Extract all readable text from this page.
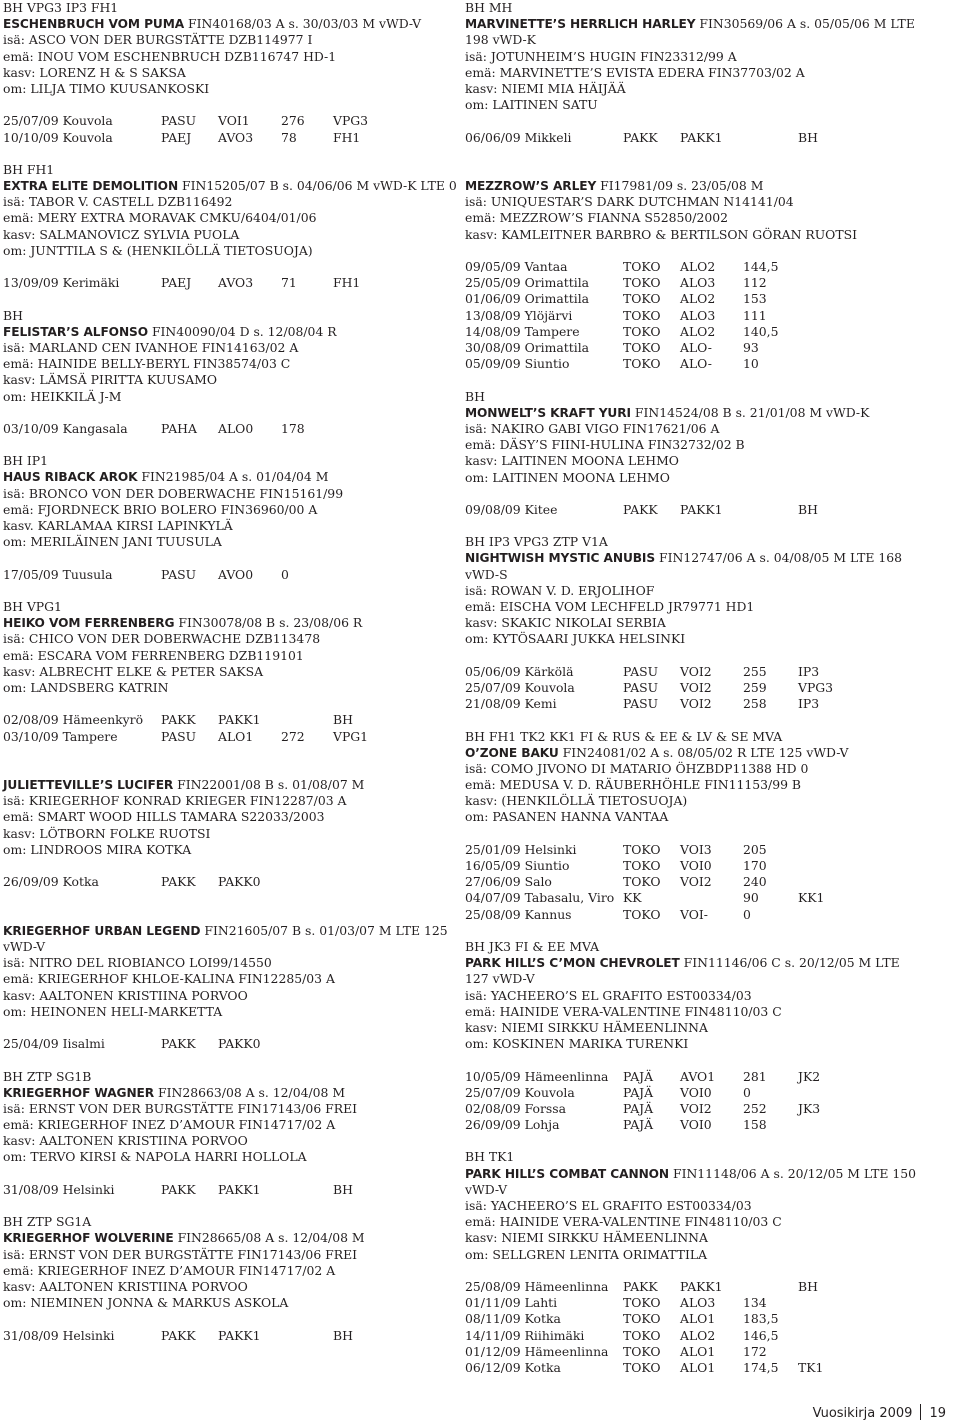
BH VPG3 IP3 FH1
ESCHENBRUCH VOM PUMA FIN40168/03 A s. 30/03/03 M vWD-V
isä: ASCO VON DER BURGSTÄTTE DZB114977 I
emä: INOU VOM ESCHENBRUCH DZB116747 HD-1
kasv: LORENZ H & S SAKSA
om: LILJA TIMO KUUSANKOSKI
25/07/09 Kouvola	PASU VOI1	276 VPG3
10/10/09 Kouvola	PAEJ AVO3 78	FH1
BH FH1
EXTRA ELITE DEMOLITION FIN15205/07 B s. 04/06/06 M vWD-K LTE 0
isä: TABOR V. CASTELL DZB116492
emä: MERY EXTRA MORAVAK CMKU/6404/01/06
kasv: SALMANOVICZ SYLVIA PUOLA
om: JUNTTILA S & (HENKILÖLLÄ TIETOSUOJA)
13/09/09 Kerimäki	PAEJ AVO3 71	FH1
BH
FELISTAR’S ALFONSO FIN40090/04 D s. 12/08/04 R
isä: MARLAND CEN IVANHOE FIN14163/02 A
emä: HAINIDE BELLY-BERYL FIN38574/03 C
kasv: LÄMSÄ PIRITTA KUUSAMO
om: HEIKKILÄ J-M
03/10/09 Kangasala	PAHA ALO0 178
BH IP1
HAUS RIBACK AROK FIN21985/04 A s. 01/04/04 M
isä: BRONCO VON DER DOBERWACHE FIN15161/99
emä: FJORDNECK BRIO BOLERO FIN36960/00 A
kasv. KARLAMAA KIRSI LAPINKYLÄ
om: MERILÄINEN JANI TUUSULA
17/05/09 Tuusula	PASU AVO0 0
BH VPG1
HEIKO VOM FERRENBERG FIN30078/08 B s. 23/08/06 R
isä: CHICO VON DER DOBERWACHE DZB113478
emä: ESCARA VOM FERRENBERG DZB119101
kasv: ALBRECHT ELKE & PETER SAKSA
om: LANDSBERG KATRIN
02/08/09 Hämeenkyrö PAKK PAKK1	BH
03/10/09 Tampere	PASU ALO1 272 VPG1
JULIETTEVILLE’S LUCIFER FIN22001/08 B s. 01/08/07 M
isä: KRIEGERHOF KONRAD KRIEGER FIN12287/03 A
emä: SMART WOOD HILLS TAMARA S22033/2003
kasv: LÖTBORN FOLKE RUOTSI
om: LINDROOS MIRA KOTKA
26/09/09 Kotka	PAKK PAKK0
KRIEGERHOF URBAN LEGEND FIN21605/07 B s. 01/03/07 M LTE 125 vWD-V
isä: NITRO DEL RIOBIANCO LOI99/14550
emä: KRIEGERHOF KHLOE-KALINA FIN12285/03 A
kasv: AALTONEN KRISTIINA PORVOO
om: HEINONEN HELI-MARKETTA
25/04/09 Iisalmi	PAKK PAKK0
BH ZTP SG1B
KRIEGERHOF WAGNER FIN28663/08 A s. 12/04/08 M
isä: ERNST VON DER BURGSTÄTTE FIN17143/06 FREI
emä: KRIEGERHOF INEZ D’AMOUR FIN14717/02 A
kasv: AALTONEN KRISTIINA PORVOO
om: TERVO KIRSI & NAPOLA HARRI HOLLOLA
31/08/09 Helsinki	PAKK PAKK1	BH
BH ZTP SG1A
KRIEGERHOF WOLVERINE FIN28665/08 A s. 12/04/08 M
isä: ERNST VON DER BURGSTÄTTE FIN17143/06 FREI
emä: KRIEGERHOF INEZ D’AMOUR FIN14717/02 A
kasv: AALTONEN KRISTIINA PORVOO
om: NIEMINEN JONNA & MARKUS ASKOLA
31/08/09 Helsinki	PAKK PAKK1	BH
BH MH
MARVINETTE’S HERRLICH HARLEY FIN30569/06 A s. 05/05/06 M LTE 198 vWD-K
isä: JOTUNHEIM’S HUGIN FIN23312/99 A
emä: MARVINETTE’S EVISTA EDERA FIN37703/02 A
kasv: NIEMI MIA HÄIJÄÄ
om: LAITINEN SATU
06/06/09 Mikkeli	PAKK PAKK1	BH
MEZZROW’S ARLEY FI17981/09 s. 23/05/08 M
isä: UNIQUESTAR’S DARK DUTCHMAN N14141/04
emä: MEZZROW’S FIANNA S52850/2002
kasv: KAMLEITNER BARBRO & BERTILSON GÖRAN RUOTSI
09/05/09 Vantaa	TOKO ALO2 144,5
25/05/09 Orimattila	TOKO ALO3 112
01/06/09 Orimattila	TOKO ALO2 153
13/08/09 Ylöjärvi	TOKO ALO3 111
14/08/09 Tampere	TOKO ALO2 140,5
30/08/09 Orimattila	TOKO ALO-	93
05/09/09 Siuntio	TOKO ALO-	10
BH
MONWELT’S KRAFT YURI FIN14524/08 B s. 21/01/08 M vWD-K
isä: NAKIRO GABI VIGO FIN17621/06 A
emä: DÄSY’S FIINI-HULINA FIN32732/02 B
kasv: LAITINEN MOONA LEHMO
om: LAITINEN MOONA LEHMO
09/08/09 Kitee	PAKK PAKK1	BH
BH IP3 VPG3 ZTP V1A
NIGHTWISH MYSTIC ANUBIS FIN12747/06 A s. 04/08/05 M LTE 168 vWD-S
isä: ROWAN V. D. ERJOLIHOF
emä: EISCHA VOM LECHFELD JR79771 HD1
kasv: SKAKIC NIKOLAI SERBIA
om: KYTÖSAARI JUKKA HELSINKI
05/06/09 Kärkölä	PASU VOI2	255	IP3
25/07/09 Kouvola	PASU VOI2	259	VPG3
21/08/09 Kemi	PASU VOI2	258	IP3
BH FH1 TK2 KK1 FI & RUS & EE & LV & SE MVA
O’ZONE BAKU FIN24081/02 A s. 08/05/02 R LTE 125 vWD-V
isä: COMO JIVONO DI MATARIO ÖHZBDP11388 HD 0
emä: MEDUSA V. D. RÄUBERHÖHLE FIN11153/99 B
kasv: (HENKILÖLLÄ TIETOSUOJA)
om: PASANEN HANNA VANTAA
25/01/09 Helsinki	TOKO VOI3	205
16/05/09 Siuntio	TOKO VOI0	170
27/06/09 Salo	TOKO VOI2	240
04/07/09 Tabasalu, Viro KK	90	KK1
25/08/09 Kannus	TOKO VOI-	0
BH JK3 FI & EE MVA
PARK HILL’S C’MON CHEVROLET FIN11146/06 C s. 20/12/05 M LTE 127 vWD-V
isä: YACHEERO’S EL GRAFITO EST00334/03
emä: HAINIDE VERA-VALENTINE FIN48110/03 C
kasv: NIEMI SIRKKU HÄMEENLINNA
om: KOSKINEN MARIKA TURENKI
10/05/09 Hämeenlinna PAJÄ AVO1 281	JK2
25/07/09 Kouvola	PAJÄ VOI0	0
02/08/09 Forssa	PAJÄ VOI2	252	JK3
26/09/09 Lohja	PAJÄ VOI0	158
BH TK1
PARK HILL’S COMBAT CANNON FIN11148/06 A s. 20/12/05 M LTE 150 vWD-V
isä: YACHEERO’S EL GRAFITO EST00334/03
emä: HAINIDE VERA-VALENTINE FIN48110/03 C
kasv: NIEMI SIRKKU HÄMEENLINNA
om: SELLGREN LENITA ORIMATTILA
25/08/09 Hämeenlinna PAKK PAKK1	BH
01/11/09 Lahti	TOKO ALO3 134
08/11/09 Kotka	TOKO ALO1 183,5
14/11/09 Riihimäki	TOKO ALO2 146,5
01/12/09 Hämeenlinna TOKO ALO1 172
06/12/09 Kotka	TOKO ALO1 174,5 TK1
Vuosikirja 2009 19
